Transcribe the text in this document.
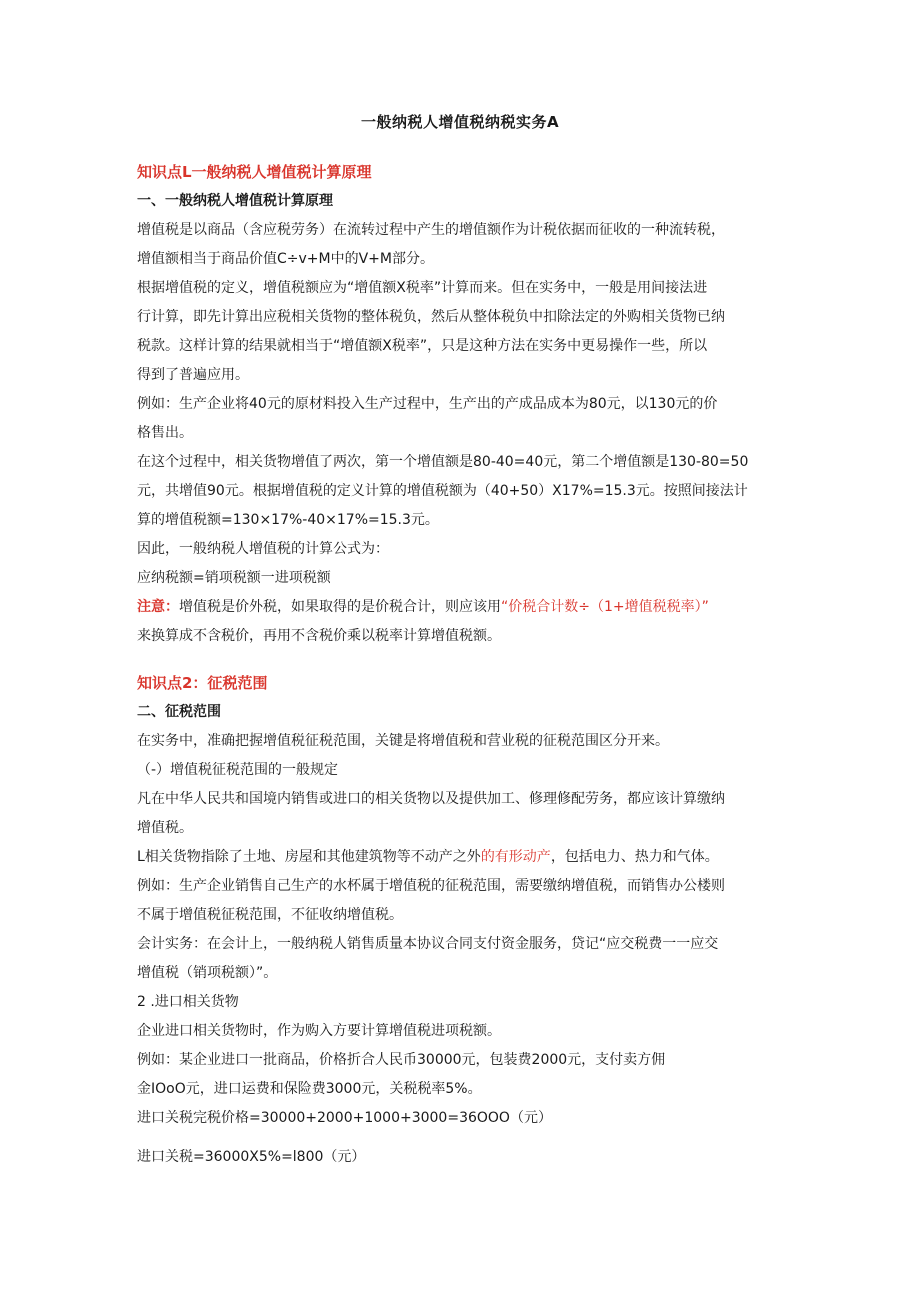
一般纳税人增值税纳税实务A
知识点L一般纳税人增值税计算原理
一、一般纳税人增值税计算原理
增值税是以商品（含应税劳务）在流转过程中产生的增值额作为计税依据而征收的一种流转税，
增值额相当于商品价值C÷v+M中的V+M部分。
根据增值税的定义，增值税额应为“增值额X税率”计算而来。但在实务中，一般是用间接法进
行计算，即先计算出应税相关货物的整体税负，然后从整体税负中扣除法定的外购相关货物已纳
税款。这样计算的结果就相当于“增值额X税率”，只是这种方法在实务中更易操作一些，所以
得到了普遍应用。
例如：生产企业将40元的原材料投入生产过程中，生产出的产成品成本为80元，以130元的价
格售出。
在这个过程中，相关货物增值了两次，第一个增值额是80-40=40元，第二个增值额是130-80=50
元，共增值90元。根据增值税的定义计算的增值税额为（40+50）X17%=15.3元。按照间接法计
算的增值税额=130×17%-40×17%=15.3元。
因此，一般纳税人增值税的计算公式为：
应纳税额=销项税额一进项税额
注意：增值税是价外税，如果取得的是价税合计，则应该用“价税合计数÷（1+增值税税率）”
来换算成不含税价，再用不含税价乘以税率计算增值税额。
知识点2：征税范围
二、征税范围
在实务中，准确把握增值税征税范围，关键是将增值税和营业税的征税范围区分开来。
（-）增值税征税范围的一般规定
凡在中华人民共和国境内销售或进口的相关货物以及提供加工、修理修配劳务，都应该计算缴纳
增值税。
L相关货物指除了土地、房屋和其他建筑物等不动产之外的有形动产，包括电力、热力和气体。
例如：生产企业销售自己生产的水杯属于增值税的征税范围，需要缴纳增值税，而销售办公楼则
不属于增值税征税范围，不征收纳增值税。
会计实务：在会计上，一般纳税人销售质量本协议合同支付资金服务，贷记“应交税费一一应交
增值税（销项税额）”。
2 .进口相关货物
企业进口相关货物时，作为购入方要计算增值税进项税额。
例如：某企业进口一批商品，价格折合人民币30000元，包装费2000元，支付卖方佣
金IOoO元，进口运费和保险费3000元，关税税率5%。
进口关税完税价格=30000+2000+1000+3000=36OOO（元）
进口关税=36000X5%=l800（元）
